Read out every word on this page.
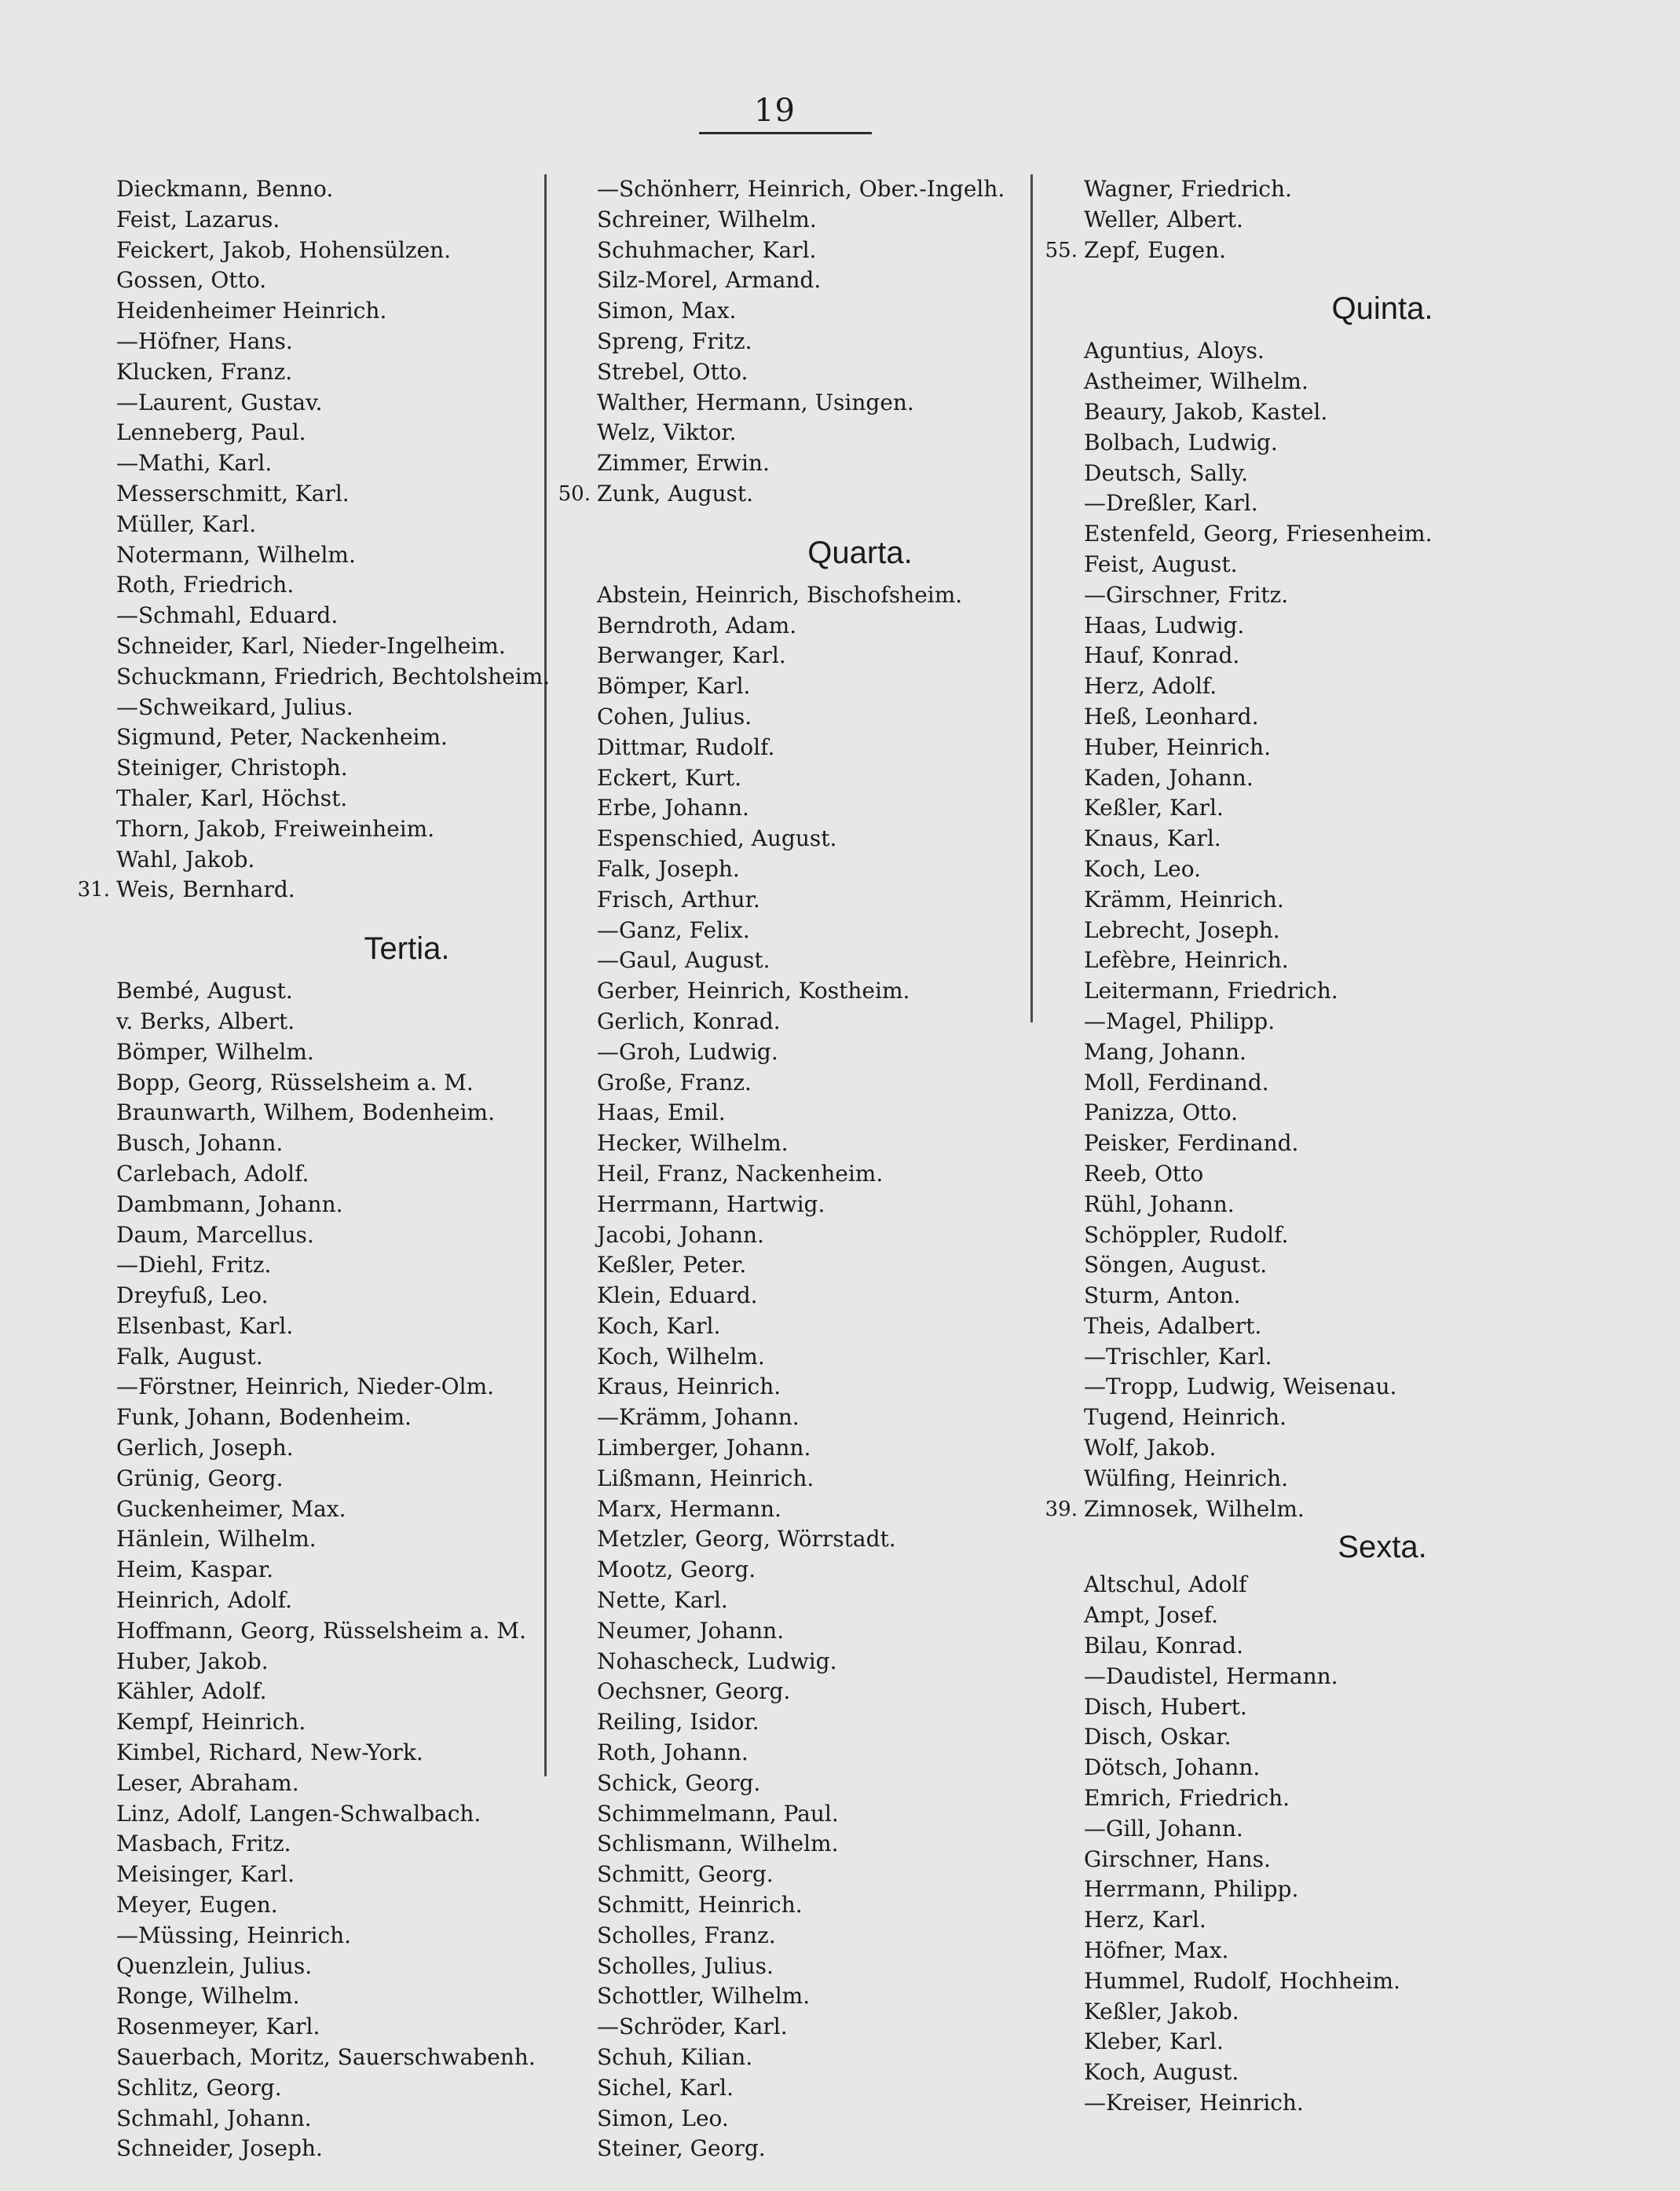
19
Dieckmann, Benno.
Feist, Lazarus.
Feickert, Jakob, Hohensülzen.
Gossen, Otto.
Heidenheimer Heinrich.
—Höfner, Hans.
Klucken, Franz.
—Laurent, Gustav.
Lenneberg, Paul.
—Mathi, Karl.
Messerschmitt, Karl.
Müller, Karl.
Notermann, Wilhelm.
Roth, Friedrich.
—Schmahl, Eduard.
Schneider, Karl, Nieder-Ingelheim.
Schuckmann, Friedrich, Bechtolsheim.
—Schweikard, Julius.
Sigmund, Peter, Nackenheim.
Steiniger, Christoph.
Thaler, Karl, Höchst.
Thorn, Jakob, Freiweinheim.
Wahl, Jakob.
31. Weis, Bernhard.
Tertia.
Bembé, August.
v. Berks, Albert.
Bömper, Wilhelm.
Bopp, Georg, Rüsselsheim a. M.
Braunwarth, Wilhem, Bodenheim.
Busch, Johann.
Carlebach, Adolf.
Dambmann, Johann.
Daum, Marcellus.
—Diehl, Fritz.
Dreyfuß, Leo.
Elsenbast, Karl.
Falk, August.
—Förstner, Heinrich, Nieder-Olm.
Funk, Johann, Bodenheim.
Gerlich, Joseph.
Grünig, Georg.
Guckenheimer, Max.
Hänlein, Wilhelm.
Heim, Kaspar.
Heinrich, Adolf.
Hoffmann, Georg, Rüsselsheim a. M.
Huber, Jakob.
Kähler, Adolf.
Kempf, Heinrich.
Kimbel, Richard, New-York.
Leser, Abraham.
Linz, Adolf, Langen-Schwalbach.
Masbach, Fritz.
Meisinger, Karl.
Meyer, Eugen.
—Müssing, Heinrich.
Quenzlein, Julius.
Ronge, Wilhelm.
Rosenmeyer, Karl.
Sauerbach, Moritz, Sauerschwabenh.
Schlitz, Georg.
Schmahl, Johann.
Schneider, Joseph.
—Schönherr, Heinrich, Ober.-Ingelh.
Schreiner, Wilhelm.
Schuhmacher, Karl.
Silz-Morel, Armand.
Simon, Max.
Spreng, Fritz.
Strebel, Otto.
Walther, Hermann, Usingen.
Welz, Viktor.
Zimmer, Erwin.
50. Zunk, August.
Quarta.
Abstein, Heinrich, Bischofsheim.
Berndroth, Adam.
Berwanger, Karl.
Bömper, Karl.
Cohen, Julius.
Dittmar, Rudolf.
Eckert, Kurt.
Erbe, Johann.
Espenschied, August.
Falk, Joseph.
Frisch, Arthur.
—Ganz, Felix.
—Gaul, August.
Gerber, Heinrich, Kostheim.
Gerlich, Konrad.
—Groh, Ludwig.
Große, Franz.
Haas, Emil.
Hecker, Wilhelm.
Heil, Franz, Nackenheim.
Herrmann, Hartwig.
Jacobi, Johann.
Keßler, Peter.
Klein, Eduard.
Koch, Karl.
Koch, Wilhelm.
Kraus, Heinrich.
—Krämm, Johann.
Limberger, Johann.
Lißmann, Heinrich.
Marx, Hermann.
Metzler, Georg, Wörrstadt.
Mootz, Georg.
Nette, Karl.
Neumer, Johann.
Nohascheck, Ludwig.
Oechsner, Georg.
Reiling, Isidor.
Roth, Johann.
Schick, Georg.
Schimmelmann, Paul.
Schlismann, Wilhelm.
Schmitt, Georg.
Schmitt, Heinrich.
Scholles, Franz.
Scholles, Julius.
Schottler, Wilhelm.
—Schröder, Karl.
Schuh, Kilian.
Sichel, Karl.
Simon, Leo.
Steiner, Georg.
Wagner, Friedrich.
Weller, Albert.
55. Zepf, Eugen.
Quinta.
Aguntius, Aloys.
Astheimer, Wilhelm.
Beaury, Jakob, Kastel.
Bolbach, Ludwig.
Deutsch, Sally.
—Dreßler, Karl.
Estenfeld, Georg, Friesenheim.
Feist, August.
—Girschner, Fritz.
Haas, Ludwig.
Hauf, Konrad.
Herz, Adolf.
Heß, Leonhard.
Huber, Heinrich.
Kaden, Johann.
Keßler, Karl.
Knaus, Karl.
Koch, Leo.
Krämm, Heinrich.
Lebrecht, Joseph.
Lefèbre, Heinrich.
Leitermann, Friedrich.
—Magel, Philipp.
Mang, Johann.
Moll, Ferdinand.
Panizza, Otto.
Peisker, Ferdinand.
Reeb, Otto
Rühl, Johann.
Schöppler, Rudolf.
Söngen, August.
Sturm, Anton.
Theis, Adalbert.
—Trischler, Karl.
—Tropp, Ludwig, Weisenau.
Tugend, Heinrich.
Wolf, Jakob.
Wülfing, Heinrich.
39. Zimnosek, Wilhelm.
Sexta.
Altschul, Adolf
Ampt, Josef.
Bilau, Konrad.
—Daudistel, Hermann.
Disch, Hubert.
Disch, Oskar.
Dötsch, Johann.
Emrich, Friedrich.
—Gill, Johann.
Girschner, Hans.
Herrmann, Philipp.
Herz, Karl.
Höfner, Max.
Hummel, Rudolf, Hochheim.
Keßler, Jakob.
Kleber, Karl.
Koch, August.
—Kreiser, Heinrich.
